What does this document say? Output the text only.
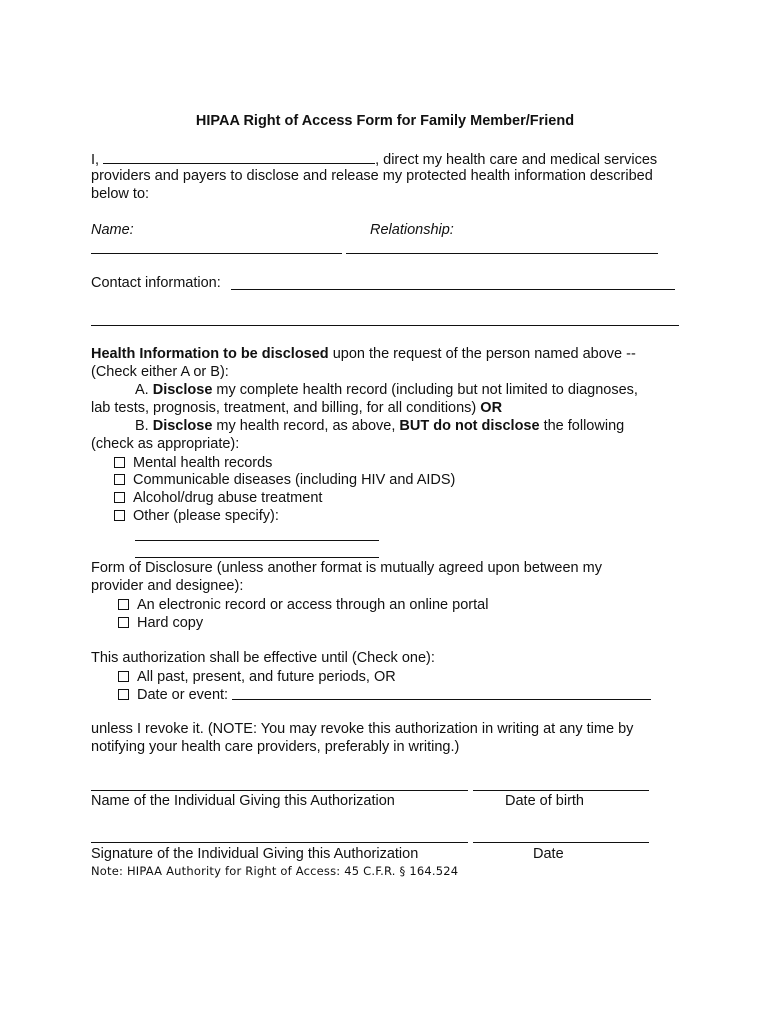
HIPAA Right of Access Form for Family Member/Friend
I,	, direct my health care and medical services
providers and payers to disclose and release my protected health information described
below to:
Name:	Relationship:
Contact information:
Health Information to be disclosed upon the request of the person named above --
(Check either A or B):
A. Disclose my complete health record (including but not limited to diagnoses,
lab tests, prognosis, treatment, and billing, for all conditions) OR
B. Disclose my health record, as above, BUT do not disclose the following
(check as appropriate):
Mental health records
Communicable diseases (including HIV and AIDS)
Alcohol/drug abuse treatment
Other (please specify):
Form of Disclosure (unless another format is mutually agreed upon between my
provider and designee):
An electronic record or access through an online portal
Hard copy
This authorization shall be effective until (Check one):
All past, present, and future periods, OR
Date or event:
unless I revoke it. (NOTE: You may revoke this authorization in writing at any time by
notifying your health care providers, preferably in writing.)
Name of the Individual Giving this Authorization	Date of birth
Signature of the Individual Giving this Authorization	Date
Note: HIPAA Authority for Right of Access: 45 C.F.R. § 164.524
